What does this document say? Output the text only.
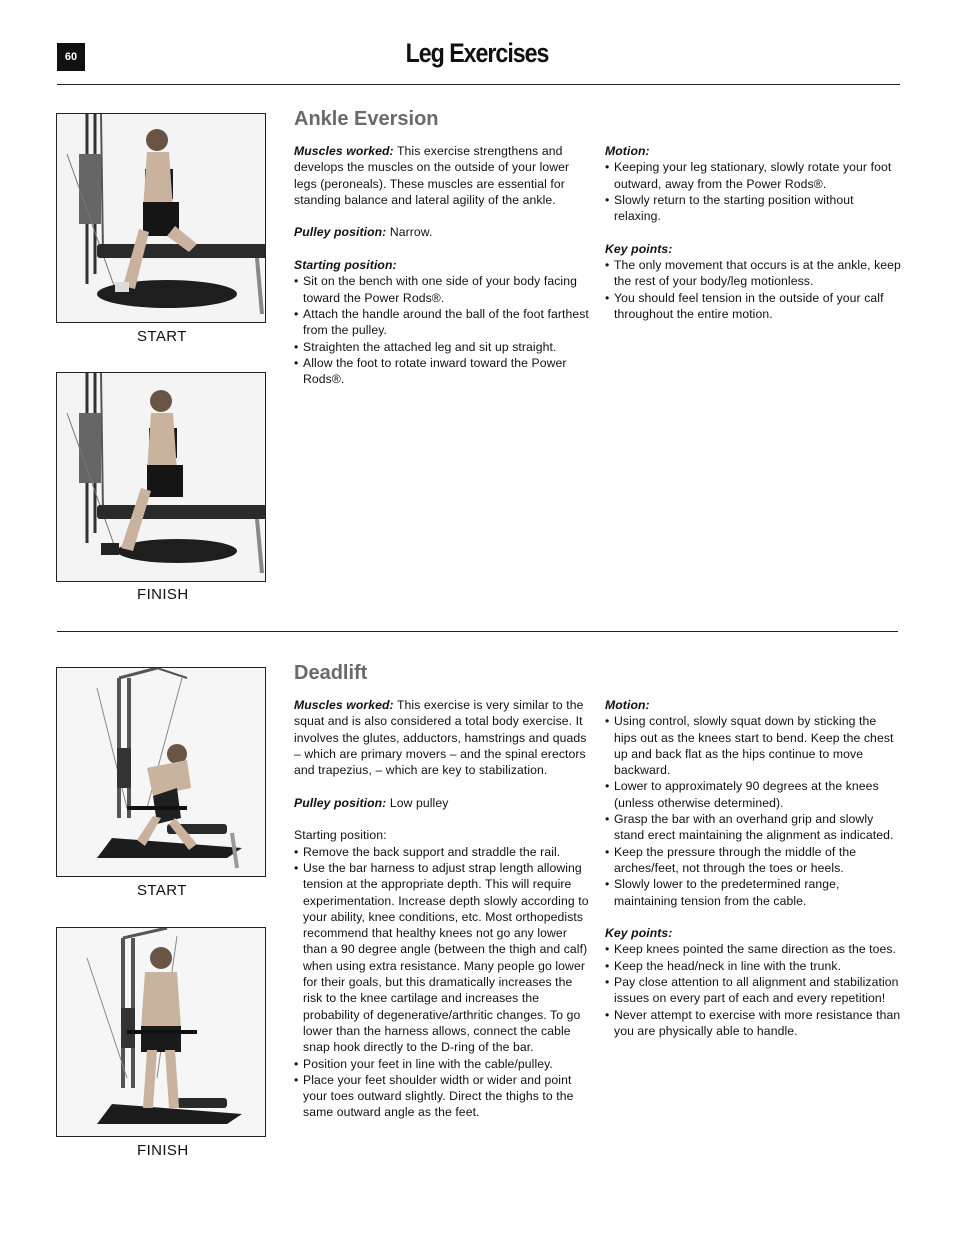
60	Leg Exercises
START
FINISH
Ankle Eversion

Muscles worked: This exercise strengthens and develops the muscles on the outside of your lower legs (peroneals). These muscles are essential for standing balance and lateral agility of the ankle.

Pulley position: Narrow.

Starting position:

• Sit on the bench with one side of your body facing toward the Power Rods®.
• Attach the handle around the ball of the foot farthest from the pulley.
• Straighten the attached leg and sit up straight.
• Allow the foot to rotate inward toward the Power Rods®.

Motion:

• Keeping your leg stationary, slowly rotate your foot outward, away from the Power Rods®.
• Slowly return to the starting position without relaxing.

Key points:

• The only movement that occurs is at the ankle, keep the rest of your body/leg motionless.
• You should feel tension in the outside of your calf throughout the entire motion.
START
FINISH
Deadlift

Muscles worked: This exercise is very similar to the squat and is also considered a total body exercise. It involves the glutes, adductors, hamstrings and quads – which are primary movers – and the spinal erectors and trapezius, – which are key to stabilization.

Pulley position: Low pulley

Starting position:

• Remove the back support and straddle the rail.
• Use the bar harness to adjust strap length allowing tension at the appropriate depth. This will require experimentation. Increase depth slowly according to your ability, knee conditions, etc. Most orthopedists recommend that healthy knees not go any lower than a 90 degree angle (between the thigh and calf) when using extra resistance. Many people go lower for their goals, but this dramatically increases the risk to the knee cartilage and increases the probability of degenerative/arthritic changes. To go lower than the harness allows, connect the cable snap hook directly to the D-ring of the bar.
• Position your feet in line with the cable/pulley.
• Place your feet shoulder width or wider and point your toes outward slightly. Direct the thighs to the same outward angle as the feet.

Motion:

• Using control, slowly squat down by sticking the hips out as the knees start to bend. Keep the chest up and back flat as the hips continue to move backward.
• Lower to approximately 90 degrees at the knees (unless otherwise determined).
• Grasp the bar with an overhand grip and slowly stand erect maintaining the alignment as indicated.
• Keep the pressure through the middle of the arches/feet, not through the toes or heels.
• Slowly lower to the predetermined range, maintaining tension from the cable.

Key points:

• Keep knees pointed the same direction as the toes.
• Keep the head/neck in line with the trunk.
• Pay close attention to all alignment and stabilization issues on every part of each and every repetition!
• Never attempt to exercise with more resistance than you are physically able to handle.
